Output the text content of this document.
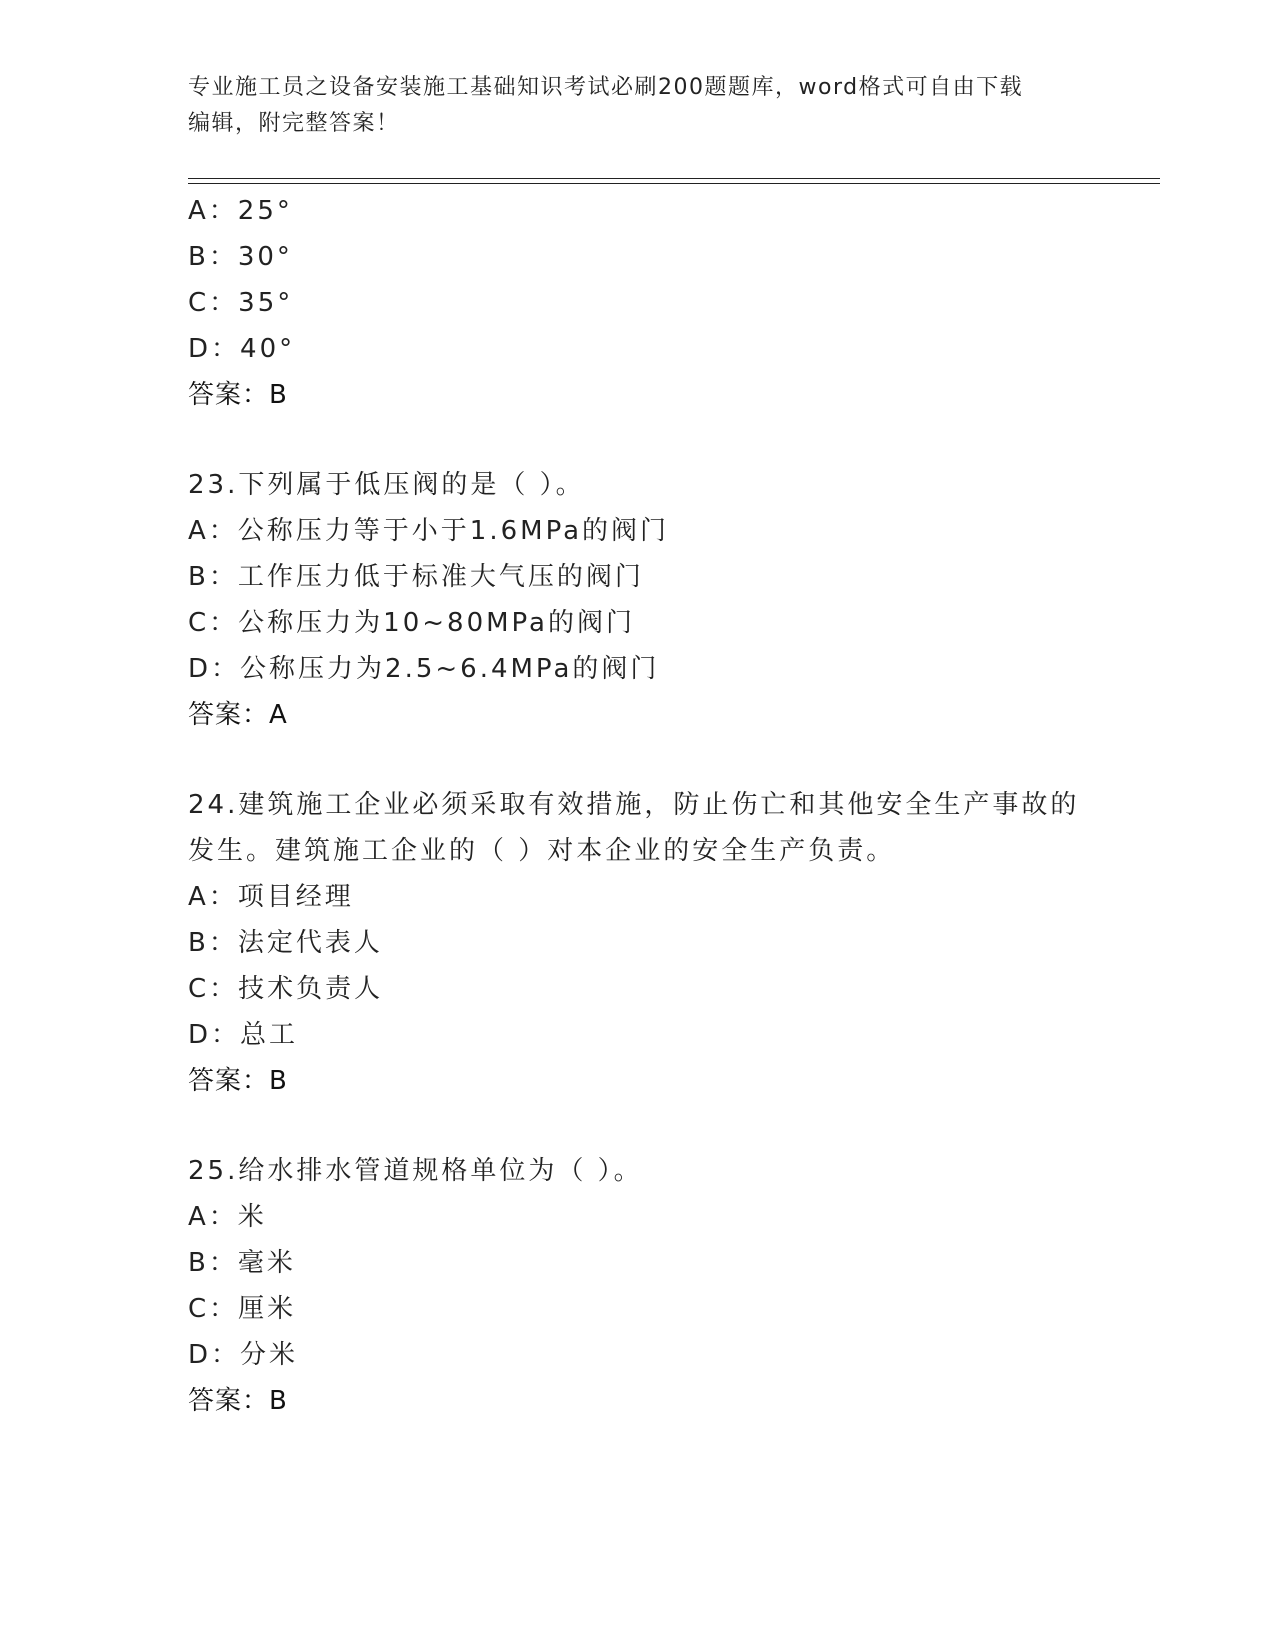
专业施工员之设备安装施工基础知识考试必刷200题题库，word格式可自由下载
编辑，附完整答案！
A：25°
B：30°
C：35°
D：40°
答案：B
23.下列属于低压阀的是（ ）。
A：公称压力等于小于1.6MPa的阀门
B：工作压力低于标准大气压的阀门
C：公称压力为10~80MPa的阀门
D：公称压力为2.5~6.4MPa的阀门
答案：A
24.建筑施工企业必须采取有效措施，防止伤亡和其他安全生产事故的
发生。建筑施工企业的（ ）对本企业的安全生产负责。
A：项目经理
B：法定代表人
C：技术负责人
D：总工
答案：B
25.给水排水管道规格单位为（ ）。
A：米
B：毫米
C：厘米
D：分米
答案：B
